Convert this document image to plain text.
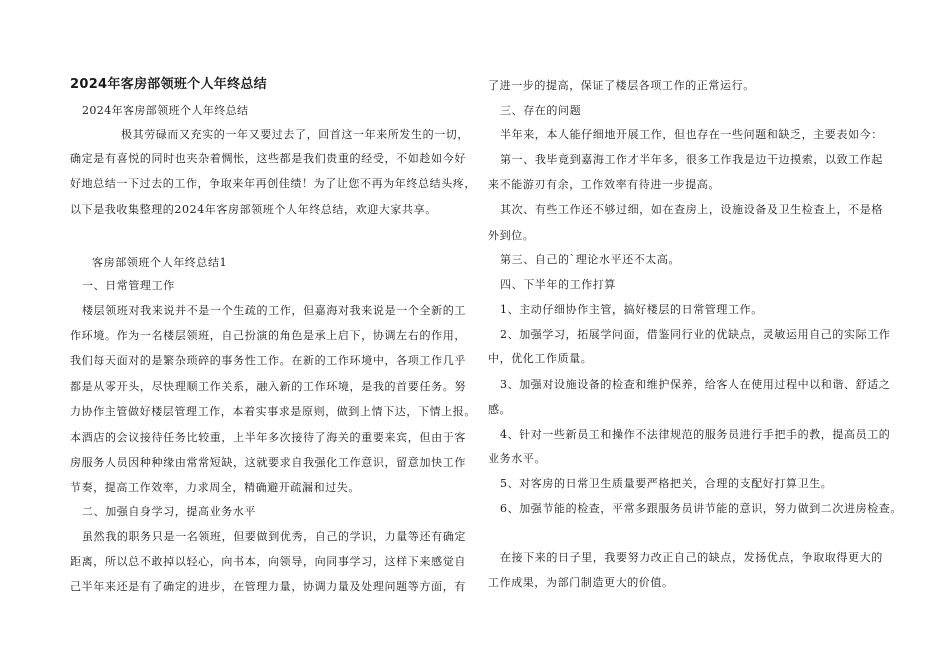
2024年客房部领班个人年终总结
2024年客房部领班个人年终总结
极其劳碌而又充实的一年又要过去了，回首这一年来所发生的一切，
确定是有喜悦的同时也夹杂着惆怅，这些都是我们贵重的经受，不如趁如今好
好地总结一下过去的工作，争取来年再创佳绩！为了让您不再为年终总结头疼，
以下是我收集整理的2024年客房部领班个人年终总结，欢迎大家共享。
客房部领班个人年终总结1
一、日常管理工作
楼层领班对我来说并不是一个生疏的工作，但嘉海对我来说是一个全新的工
作环境。作为一名楼层领班，自己扮演的角色是承上启下，协调左右的作用，
我们每天面对的是繁杂琐碎的事务性工作。在新的工作环境中，各项工作几乎
都是从零开头，尽快理顺工作关系，融入新的工作环境，是我的首要任务。努
力协作主管做好楼层管理工作，本着实事求是原则，做到上情下达，下情上报。
本酒店的会议接待任务比较重，上半年多次接待了海关的重要来宾，但由于客
房服务人员因种种缘由常常短缺，这就要求自我强化工作意识，留意加快工作
节奏，提高工作效率，力求周全，精确避开疏漏和过失。
二、加强自身学习，提高业务水平
虽然我的职务只是一名领班，但要做到优秀，自己的学识，力量等还有确定
距离，所以总不敢掉以轻心，向书本，向领导，向同事学习，这样下来感觉自
己半年来还是有了确定的进步，在管理力量，协调力量及处理问题等方面，有
了进一步的提高，保证了楼层各项工作的正常运行。
三、存在的问题
半年来，本人能仔细地开展工作，但也存在一些问题和缺乏，主要表如今：
第一、我毕竟到嘉海工作才半年多，很多工作我是边干边摸索，以致工作起
来不能游刃有余，工作效率有待进一步提高。
其次、有些工作还不够过细，如在查房上，设施设备及卫生检查上，不是格
外到位。
第三、自己的`理论水平还不太高。
四、下半年的工作打算
1、主动仔细协作主管，搞好楼层的日常管理工作。
2、加强学习，拓展学问面，借鉴同行业的优缺点，灵敏运用自己的实际工作
中，优化工作质量。
3、加强对设施设备的检查和维护保养，给客人在使用过程中以和谐、舒适之
感。
4、针对一些新员工和操作不法律规范的服务员进行手把手的教，提高员工的
业务水平。
5、对客房的日常卫生质量要严格把关，合理的支配好打算卫生。
6、加强节能的检查，平常多跟服务员讲节能的意识，努力做到二次进房检查。
在接下来的日子里，我要努力改正自己的缺点，发扬优点，争取取得更大的
工作成果，为部门制造更大的价值。
